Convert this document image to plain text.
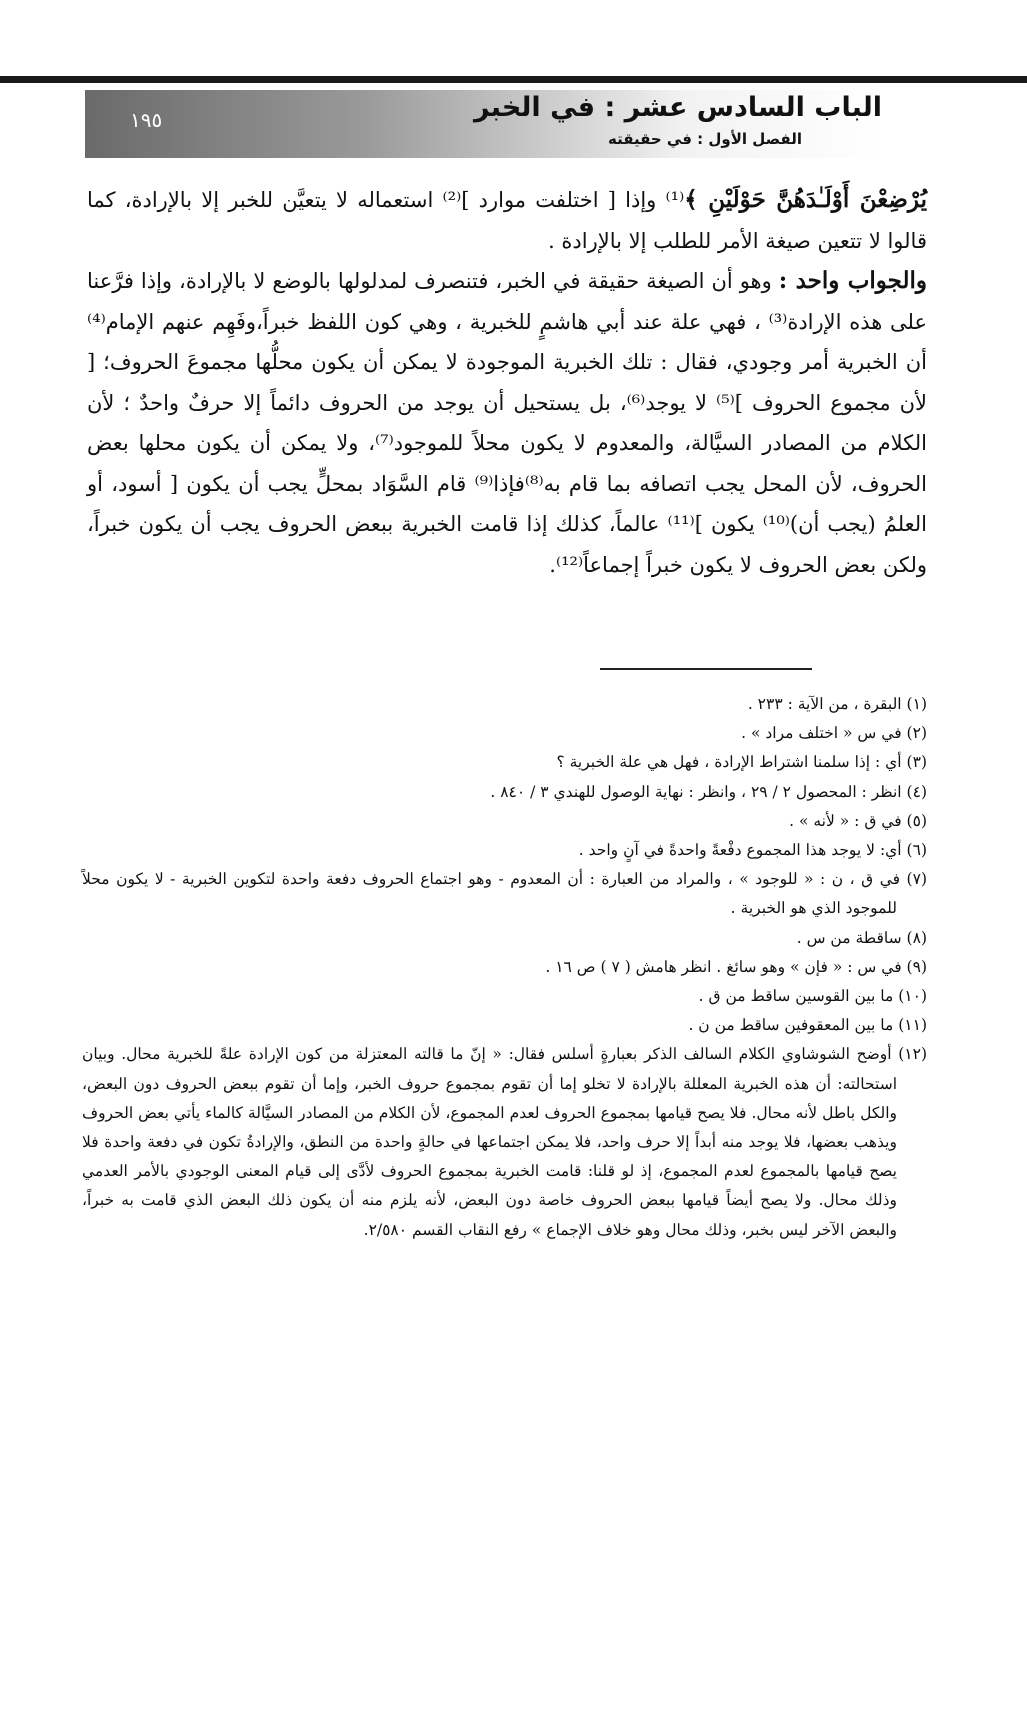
١٩٥	الباب السادس عشر : في الخبر
الفصل الأول : في حقيقته

يُرْضِعْنَ أَوْلَـٰدَهُنَّ حَوْلَيْنِ ﴾⁽¹⁾ وإذا [ اختلفت موارد ]⁽²⁾ استعماله لا يتعيَّن للخبر إلا بالإرادة، كما قالوا لا تتعين صيغة الأمر للطلب إلا بالإرادة .

والجواب واحد : وهو أن الصيغة حقيقة في الخبر، فتنصرف لمدلولها بالوضع لا بالإرادة، وإذا فرَّعنا على هذه الإرادة⁽³⁾ ، فهي علة عند أبي هاشمٍ للخبرية ، وهي كون اللفظ خبراً،وفَهِم عنهم الإمام⁽⁴⁾ أن الخبرية أمر وجودي، فقال : تلك الخبرية الموجودة لا يمكن أن يكون محلُّها مجموعَ الحروف؛ [ لأن مجموع الحروف ]⁽⁵⁾ لا يوجد⁽⁶⁾، بل يستحيل أن يوجد من الحروف دائماً إلا حرفٌ واحدٌ ؛ لأن الكلام من المصادر السيَّالة، والمعدوم لا يكون محلاً للموجود⁽⁷⁾، ولا يمكن أن يكون محلها بعض الحروف، لأن المحل يجب اتصافه بما قام به⁽⁸⁾فإذا⁽⁹⁾ قام السَّوَاد بمحلٍّ يجب أن يكون [ أسود، أو العلمُ (يجب أن)⁽¹⁰⁾ يكون ]⁽¹¹⁾ عالماً، كذلك إذا قامت الخبرية ببعض الحروف يجب أن يكون خبراً، ولكن بعض الحروف لا يكون خبراً إجماعاً⁽¹²⁾.

(١) البقرة ، من الآية : ٢٣٣ .

(٢) في س « اختلف مراد » .

(٣) أي : إذا سلمنا اشتراط الإرادة ، فهل هي علة الخبرية ؟

(٤) انظر : المحصول ٢ / ٢٩ ، وانظر : نهاية الوصول للهندي ٣ / ٨٤٠ .

(٥) في ق : « لأنه » .

(٦) أي: لا يوجد هذا المجموع دفْعةً واحدةً في آنٍ واحد .

(٧) في ق ، ن : « للوجود » ، والمراد من العبارة : أن المعدوم - وهو اجتماع الحروف دفعة واحدة لتكوين الخبرية - لا يكون محلاً للموجود الذي هو الخبرية .

(٨) ساقطة من س .

(٩) في س : « فإن » وهو سائغ . انظر هامش ( ٧ ) ص ١٦ .

(١٠) ما بين القوسين ساقط من ق .

(١١) ما بين المعقوفين ساقط من ن .

(١٢) أوضح الشوشاوي الكلام السالف الذكر بعبارةٍ أسلس فقال: « إنّ ما قالته المعتزلة من كون الإرادة علةً للخبرية محال. وبيان استحالته: أن هذه الخبرية المعللة بالإرادة لا تخلو إما أن تقوم بمجموع حروف الخبر، وإما أن تقوم ببعض الحروف دون البعض، والكل باطل لأنه محال. فلا يصح قيامها بمجموع الحروف لعدم المجموع، لأن الكلام من المصادر السيَّالة كالماء يأتي بعض الحروف ويذهب بعضها، فلا يوجد منه أبداً إلا حرف واحد، فلا يمكن اجتماعها في حالةٍ واحدة من النطق، والإرادةُ تكون في دفعة واحدة فلا يصح قيامها بالمجموع لعدم المجموع، إذ لو قلنا: قامت الخبرية بمجموع الحروف لأدَّى إلى قيام المعنى الوجودي بالأمر العدمي وذلك محال. ولا يصح أيضاً قيامها ببعض الحروف خاصة دون البعض، لأنه يلزم منه أن يكون ذلك البعض الذي قامت به خبراً، والبعض الآخر ليس بخبر، وذلك محال وهو خلاف الإجماع » رفع النقاب القسم ٢/٥٨٠.
